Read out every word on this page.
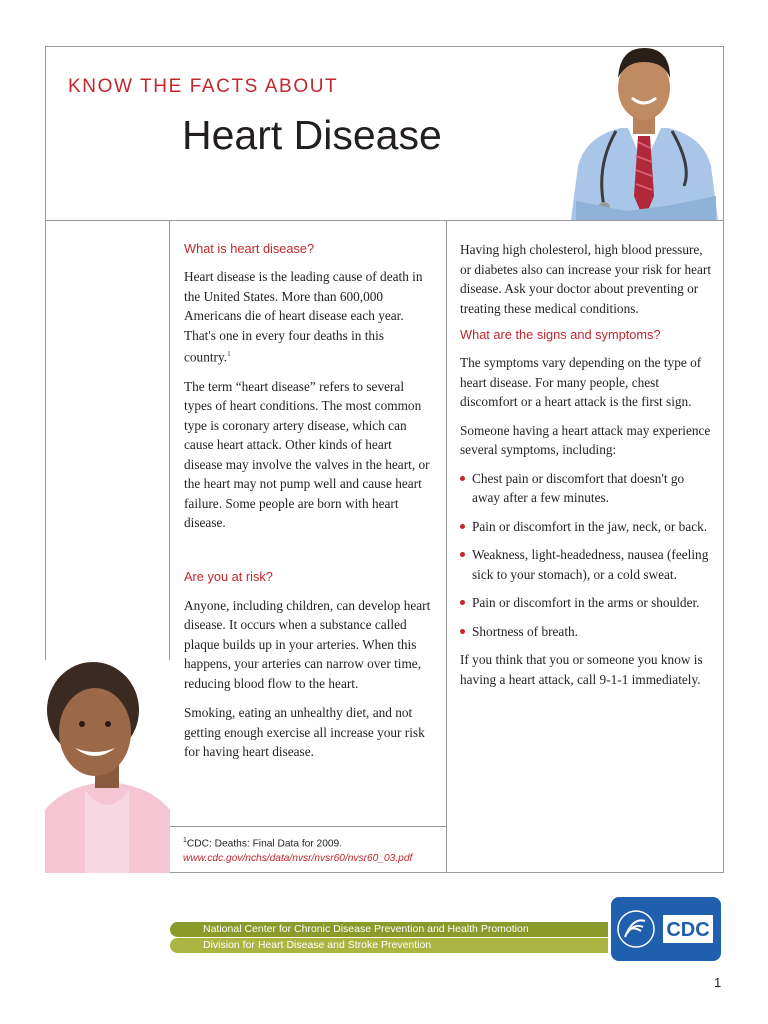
KNOW THE FACTS ABOUT
Heart Disease
What is heart disease?

Heart disease is the leading cause of death in the United States. More than 600,000 Americans die of heart disease each year. That's one in every four deaths in this country.$^1$

The term “heart disease” refers to several types of heart conditions. The most common type is coronary artery disease, which can cause heart attack. Other kinds of heart disease may involve the valves in the heart, or the heart may not pump well and cause heart failure. Some people are born with heart disease.

Are you at risk?

Anyone, including children, can develop heart disease. It occurs when a substance called plaque builds up in your arteries. When this happens, your arteries can narrow over time, reducing blood flow to the heart.

Smoking, eating an unhealthy diet, and not getting enough exercise all increase your risk for having heart disease.

Having high cholesterol, high blood pressure, or diabetes also can increase your risk for heart disease. Ask your doctor about preventing or treating these medical conditions.

What are the signs and symptoms?

The symptoms vary depending on the type of heart disease. For many people, chest discomfort or a heart attack is the first sign.

Someone having a heart attack may experience several symptoms, including:

Chest pain or discomfort that doesn't go away after a few minutes.
Pain or discomfort in the jaw, neck, or back.
Weakness, light-headedness, nausea (feeling sick to your stomach), or a cold sweat.
Pain or discomfort in the arms or shoulder.
Shortness of breath.

If you think that you or someone you know is having a heart attack, call 9-1-1 immediately.

$^1$CDC: Deaths: Final Data for 2009. www.cdc.gov/nchs/data/nvsr/nvsr60/nvsr60_03.pdf
National Center for Chronic Disease Prevention and Health Promotion
Division for Heart Disease and Stroke Prevention
CDC
1
